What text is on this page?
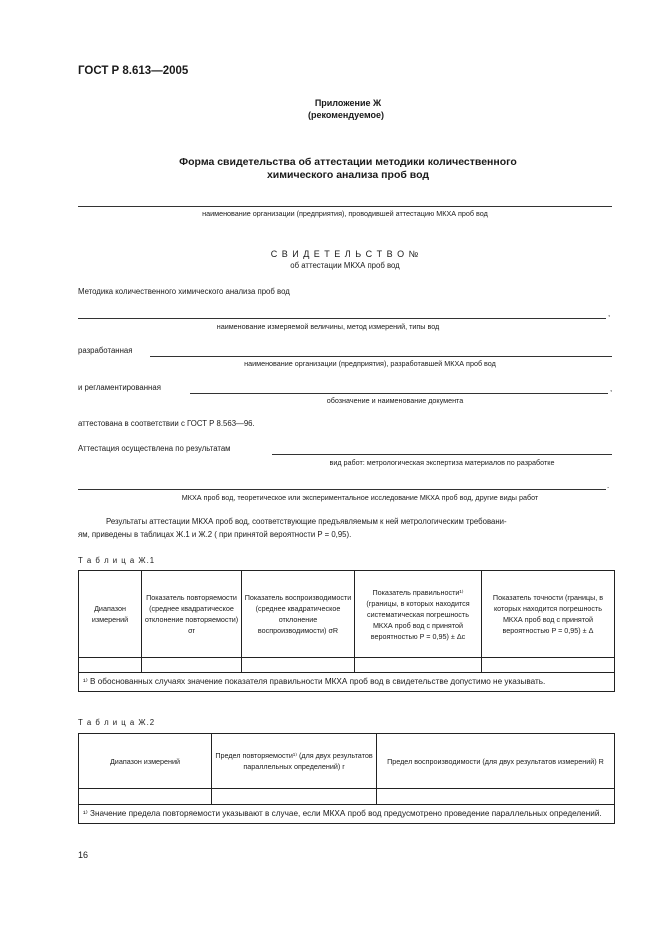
ГОСТ Р 8.613—2005
Приложение Ж
(рекомендуемое)
Форма свидетельства об аттестации методики количественного
химического анализа проб вод
наименование организации (предприятия), проводившей аттестацию МКХА проб вод
С В И Д Е Т Е Л Ь С Т В О №
об аттестации МКХА проб вод
Методика количественного химического анализа проб вод
,
наименование измеряемой величины, метод измерений, типы вод
разработанная
наименование организации (предприятия), разработавшей МКХА проб вод
и регламентированная	,
обозначение и наименование документа
аттестована в соответствии с ГОСТ Р 8.563—96.
Аттестация осуществлена по результатам
вид работ: метрологическая экспертиза материалов по разработке
.
МКХА проб вод, теоретическое или экспериментальное исследование МКХА проб вод, другие виды работ
Результаты аттестации МКХА проб вод, соответствующие предъявляемым к ней метрологическим требовани-
ям, приведены в таблицах Ж.1 и Ж.2 ( при принятой вероятности P = 0,95).
Т а б л и ц а Ж.1
Диапазон измерений	Показатель повторяемости (среднее квадратическое отклонение повторяемости) σr	Показатель воспроизводимости (среднее квадратическое отклонение воспроизводимости) σR	Показатель правильности¹⁾ (границы, в которых находится систематическая погрешность МКХА проб вод с принятой вероятностью P = 0,95) ± Δc	Показатель точности (границы, в которых находится погрешность МКХА проб вод с принятой вероятностью P = 0,95) ± Δ

¹⁾ В обоснованных случаях значение показателя правильности МКХА проб вод в свидетельстве допустимо не указывать.				
Т а б л и ц а Ж.2
Диапазон измерений	Предел повторяемости¹⁾ (для двух результатов параллельных определений) r	Предел воспроизводимости (для двух результатов измерений) R

¹⁾ Значение предела повторяемости указывают в случае, если МКХА проб вод предусмотрено проведение параллельных определений.		
16
